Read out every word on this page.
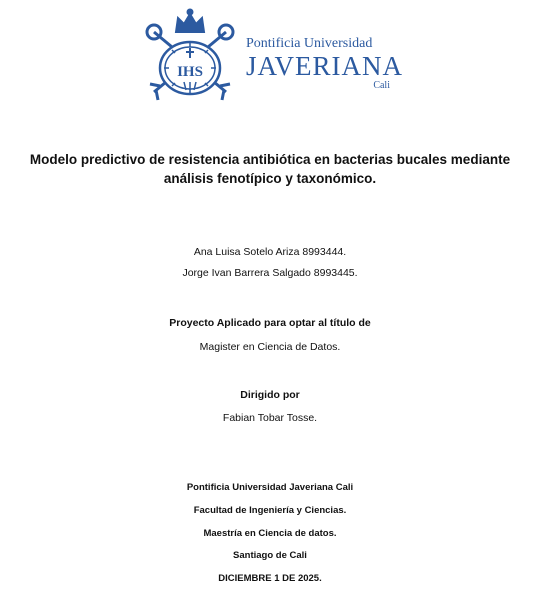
IHS
Pontificia Universidad
JAVERIANA
Cali

Modelo predictivo de resistencia antibiótica en bacterias bucales mediante análisis fenotípico y taxonómico.

Ana Luisa Sotelo Ariza 8993444.

Jorge Ivan Barrera Salgado 8993445.

Proyecto Aplicado para optar al título de

Magister en Ciencia de Datos.

Dirigido por

Fabian Tobar Tosse.

Pontificia Universidad Javeriana Cali

Facultad de Ingeniería y Ciencias.

Maestría en Ciencia de datos.

Santiago de Cali

DICIEMBRE 1 DE 2025.
